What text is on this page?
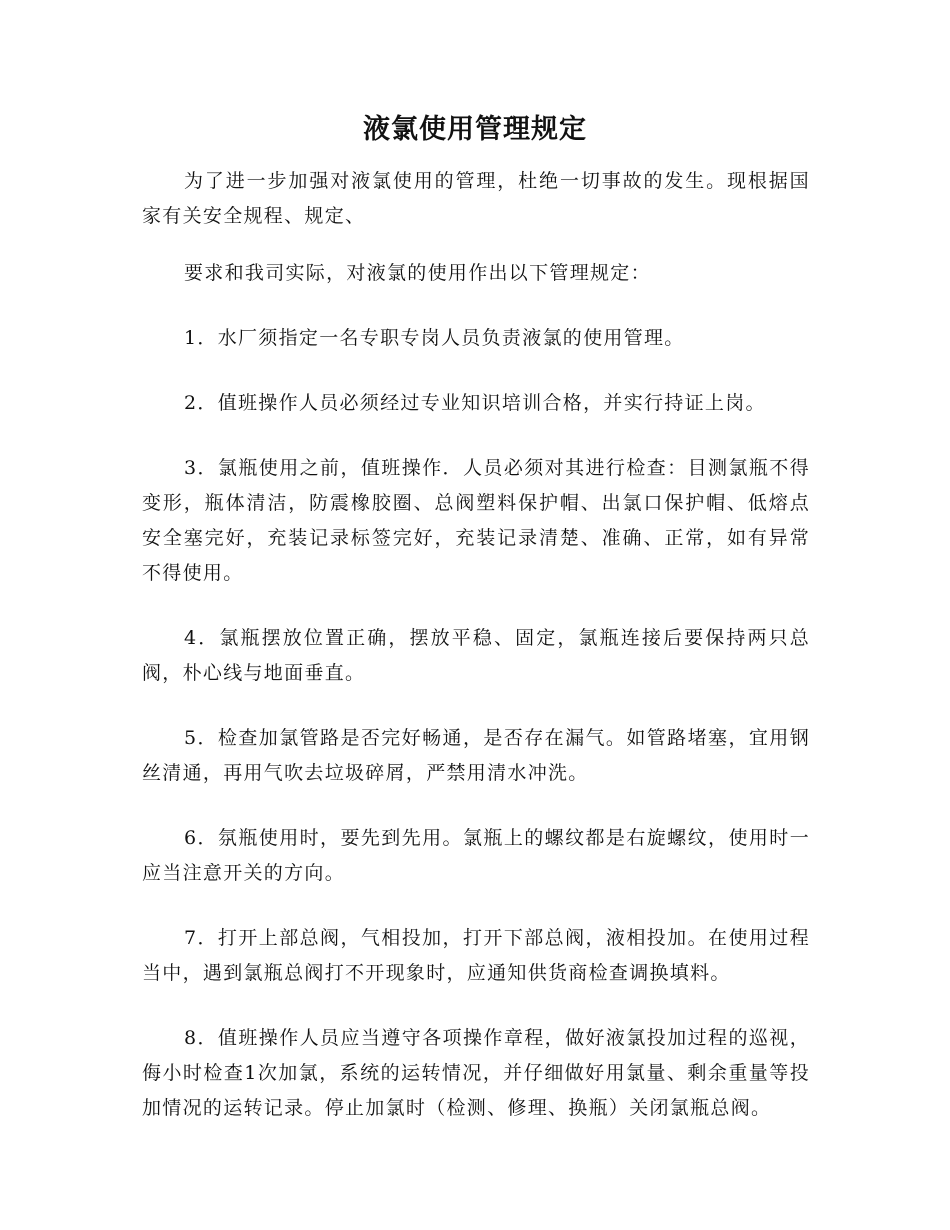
液氯使用管理规定

为了进一步加强对液氯使用的管理，杜绝一切事故的发生。现根据国家有关安全规程、规定、

要求和我司实际，对液氯的使用作出以下管理规定：

1．水厂须指定一名专职专岗人员负责液氯的使用管理。

2．值班操作人员必须经过专业知识培训合格，并实行持证上岗。

3．氯瓶使用之前，值班操作．人员必须对其进行检查：目测氯瓶不得变形，瓶体清洁，防震橡胶圈、总阀塑料保护帽、出氯口保护帽、低熔点安全塞完好，充装记录标签完好，充装记录清楚、准确、正常，如有异常不得使用。

4．氯瓶摆放位置正确，摆放平稳、固定，氯瓶连接后要保持两只总阀，朴心线与地面垂直。

5．检查加氯管路是否完好畅通，是否存在漏气。如管路堵塞，宜用钢丝清通，再用气吹去垃圾碎屑，严禁用清水冲洗。

6．氛瓶使用时，要先到先用。氯瓶上的螺纹都是右旋螺纹，使用时一应当注意开关的方向。

7．打开上部总阀，气相投加，打开下部总阀，液相投加。在使用过程当中，遇到氯瓶总阀打不开现象时，应通知供货商检查调换填料。

8．值班操作人员应当遵守各项操作章程，做好液氯投加过程的巡视，侮小时检查1次加氯，系统的运转情况，并仔细做好用氯量、剩余重量等投加情况的运转记录。停止加氯时（检测、修理、换瓶）关闭氯瓶总阀。
